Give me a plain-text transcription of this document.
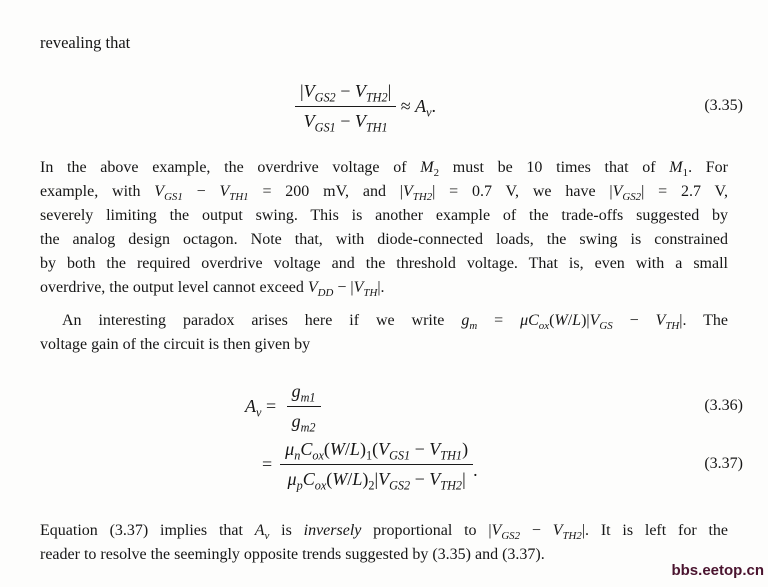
revealing that

$\frac{|V_{GS2} - V_{TH2}|}{V_{GS1} - V_{TH1}} \approx A_v$.	(3.35)
In the above example, the overdrive voltage of $M_2$ must be 10 times that of $M_1$. For
example, with $V_{GS1} - V_{TH1} = 200$ mV, and $|V_{TH2}| = 0.7$ V, we have $|V_{GS2}| = 2.7$ V,
severely limiting the output swing. This is another example of the trade-offs suggested by
the analog design octagon. Note that, with diode-connected loads, the swing is constrained
by both the required overdrive voltage and the threshold voltage. That is, even with a small
overdrive, the output level cannot exceed $V_{DD} - |V_{TH}|$.
An interesting paradox arises here if we write $g_m = \mu C_{ox}(W/L)|V_{GS} - V_{TH}|$. The
voltage gain of the circuit is then given by
$A_v = \frac{g_{m1}}{g_{m2}}$	(3.36)
= $\frac{\mu_nC_{ox}(W/L)_1(V_{GS1} - V_{TH1})}{\mu_pC_{ox}(W/L)_2|V_{GS2} - V_{TH2}|}$ .	(3.37)
Equation (3.37) implies that $A_v$ is inversely proportional to $|V_{GS2} - V_{TH2}|$. It is left for the
reader to resolve the seemingly opposite trends suggested by (3.35) and (3.37).
bbs.eetop.cn
